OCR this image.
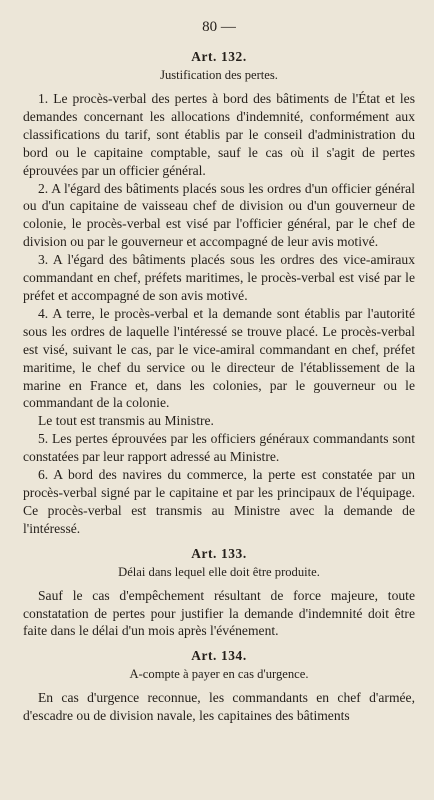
80 —
Art. 132.
Justification des pertes.

1. Le procès-verbal des pertes à bord des bâtiments de l'État et les demandes concernant les allocations d'indemnité, conformément aux classifications du tarif, sont établis par le conseil d'administration du bord ou le capitaine comptable, sauf le cas où il s'agit de pertes éprouvées par un officier général.

2. A l'égard des bâtiments placés sous les ordres d'un officier général ou d'un capitaine de vaisseau chef de division ou d'un gouverneur de colonie, le procès-verbal est visé par l'officier général, par le chef de division ou par le gouverneur et accompagné de leur avis motivé.

3. A l'égard des bâtiments placés sous les ordres des vice-amiraux commandant en chef, préfets maritimes, le procès-verbal est visé par le préfet et accompagné de son avis motivé.

4. A terre, le procès-verbal et la demande sont établis par l'autorité sous les ordres de laquelle l'intéressé se trouve placé. Le procès-verbal est visé, suivant le cas, par le vice-amiral commandant en chef, préfet maritime, le chef du service ou le directeur de l'établissement de la marine en France et, dans les colonies, par le gouverneur ou le commandant de la colonie.

Le tout est transmis au Ministre.

5. Les pertes éprouvées par les officiers généraux commandants sont constatées par leur rapport adressé au Ministre.

6. A bord des navires du commerce, la perte est constatée par un procès-verbal signé par le capitaine et par les principaux de l'équipage. Ce procès-verbal est transmis au Ministre avec la demande de l'intéressé.

Art. 133.
Délai dans lequel elle doit être produite.

Sauf le cas d'empêchement résultant de force majeure, toute constatation de pertes pour justifier la demande d'indemnité doit être faite dans le délai d'un mois après l'événement.

Art. 134.
A-compte à payer en cas d'urgence.

En cas d'urgence reconnue, les commandants en chef d'armée, d'escadre ou de division navale, les capitaines des bâtiments
